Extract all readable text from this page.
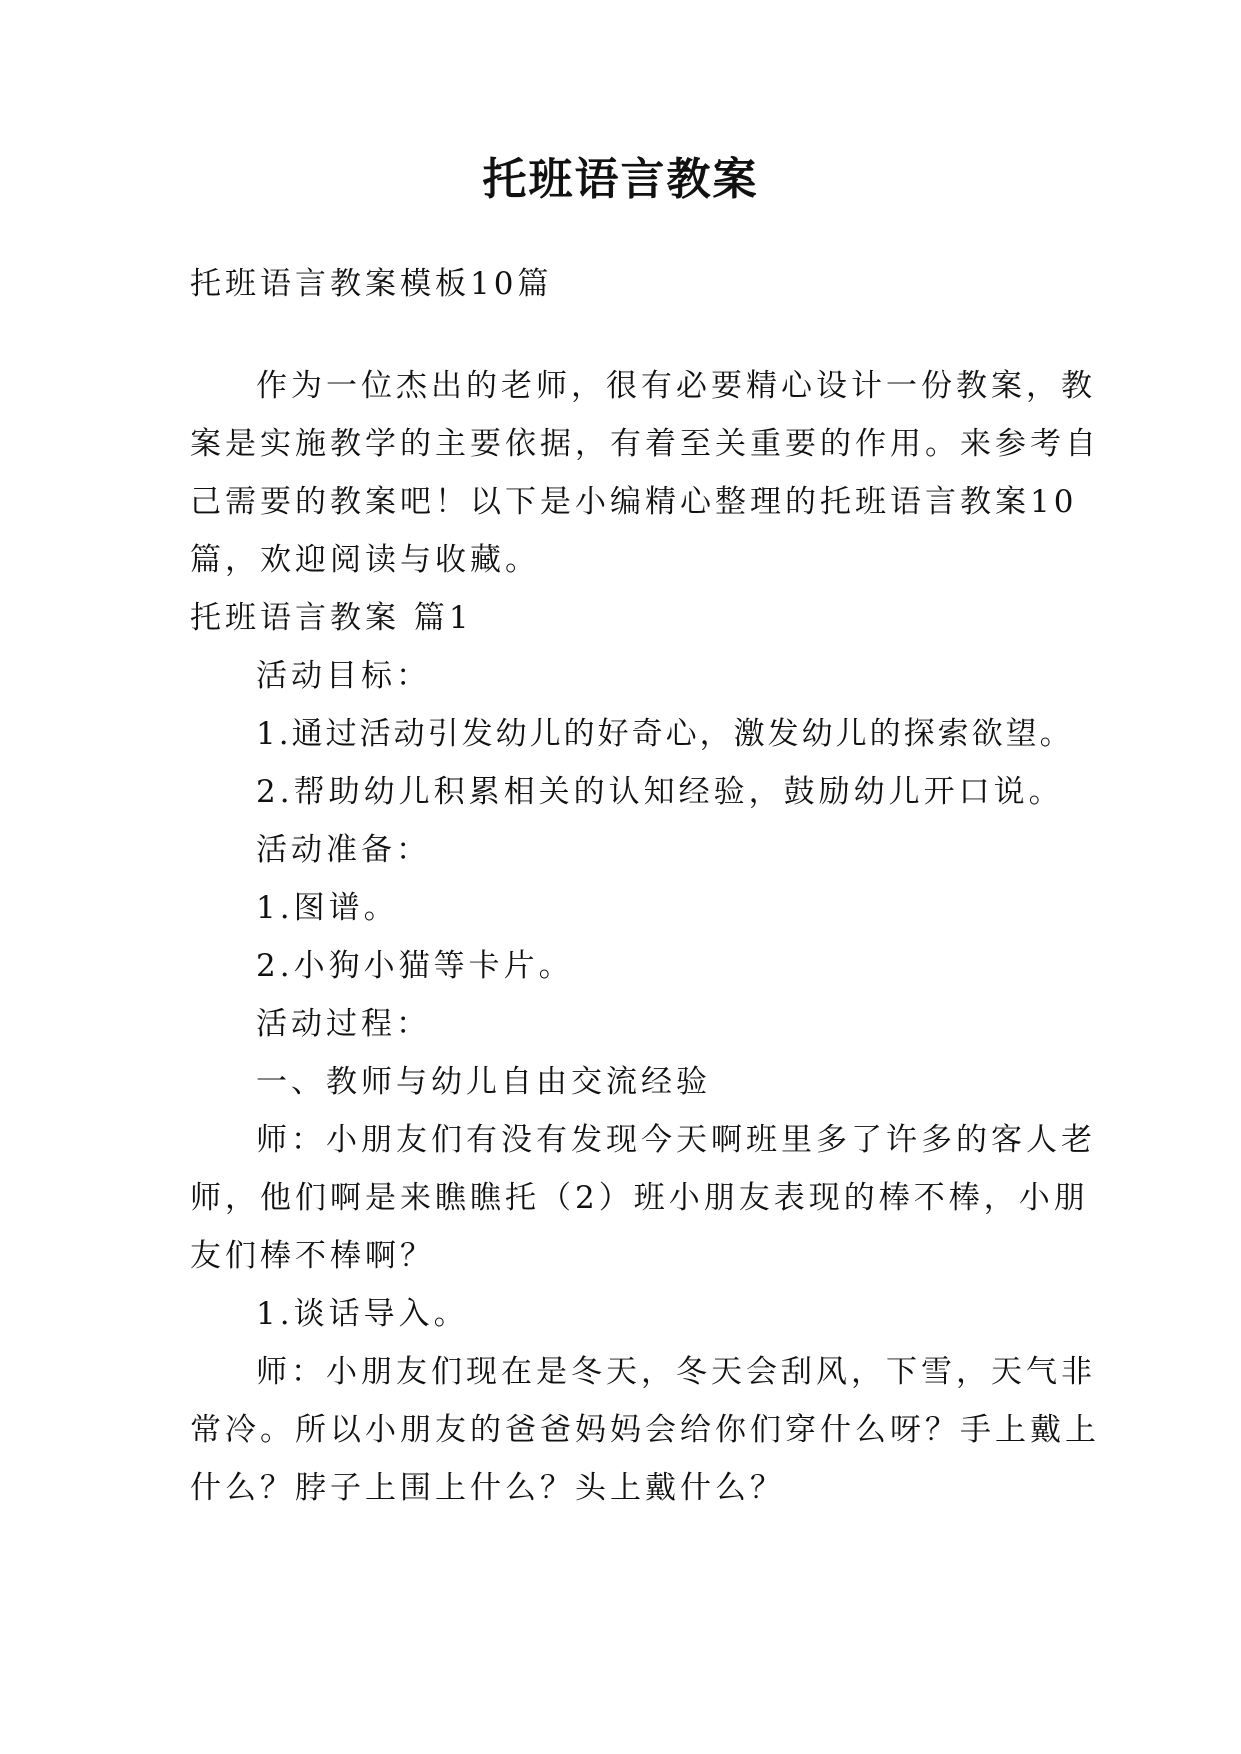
托班语言教案

托班语言教案模板10篇

作为一位杰出的老师，很有必要精心设计一份教案，教

案是实施教学的主要依据，有着至关重要的作用。来参考自

己需要的教案吧！以下是小编精心整理的托班语言教案10

篇，欢迎阅读与收藏。

托班语言教案 篇1

活动目标：

1.通过活动引发幼儿的好奇心，激发幼儿的探索欲望。

2.帮助幼儿积累相关的认知经验，鼓励幼儿开口说。

活动准备：

1.图谱。

2.小狗小猫等卡片。

活动过程：

一、教师与幼儿自由交流经验

师：小朋友们有没有发现今天啊班里多了许多的客人老

师，他们啊是来瞧瞧托（2）班小朋友表现的棒不棒，小朋

友们棒不棒啊？

1.谈话导入。

师：小朋友们现在是冬天，冬天会刮风，下雪，天气非

常冷。所以小朋友的爸爸妈妈会给你们穿什么呀？手上戴上

什么？脖子上围上什么？头上戴什么？
